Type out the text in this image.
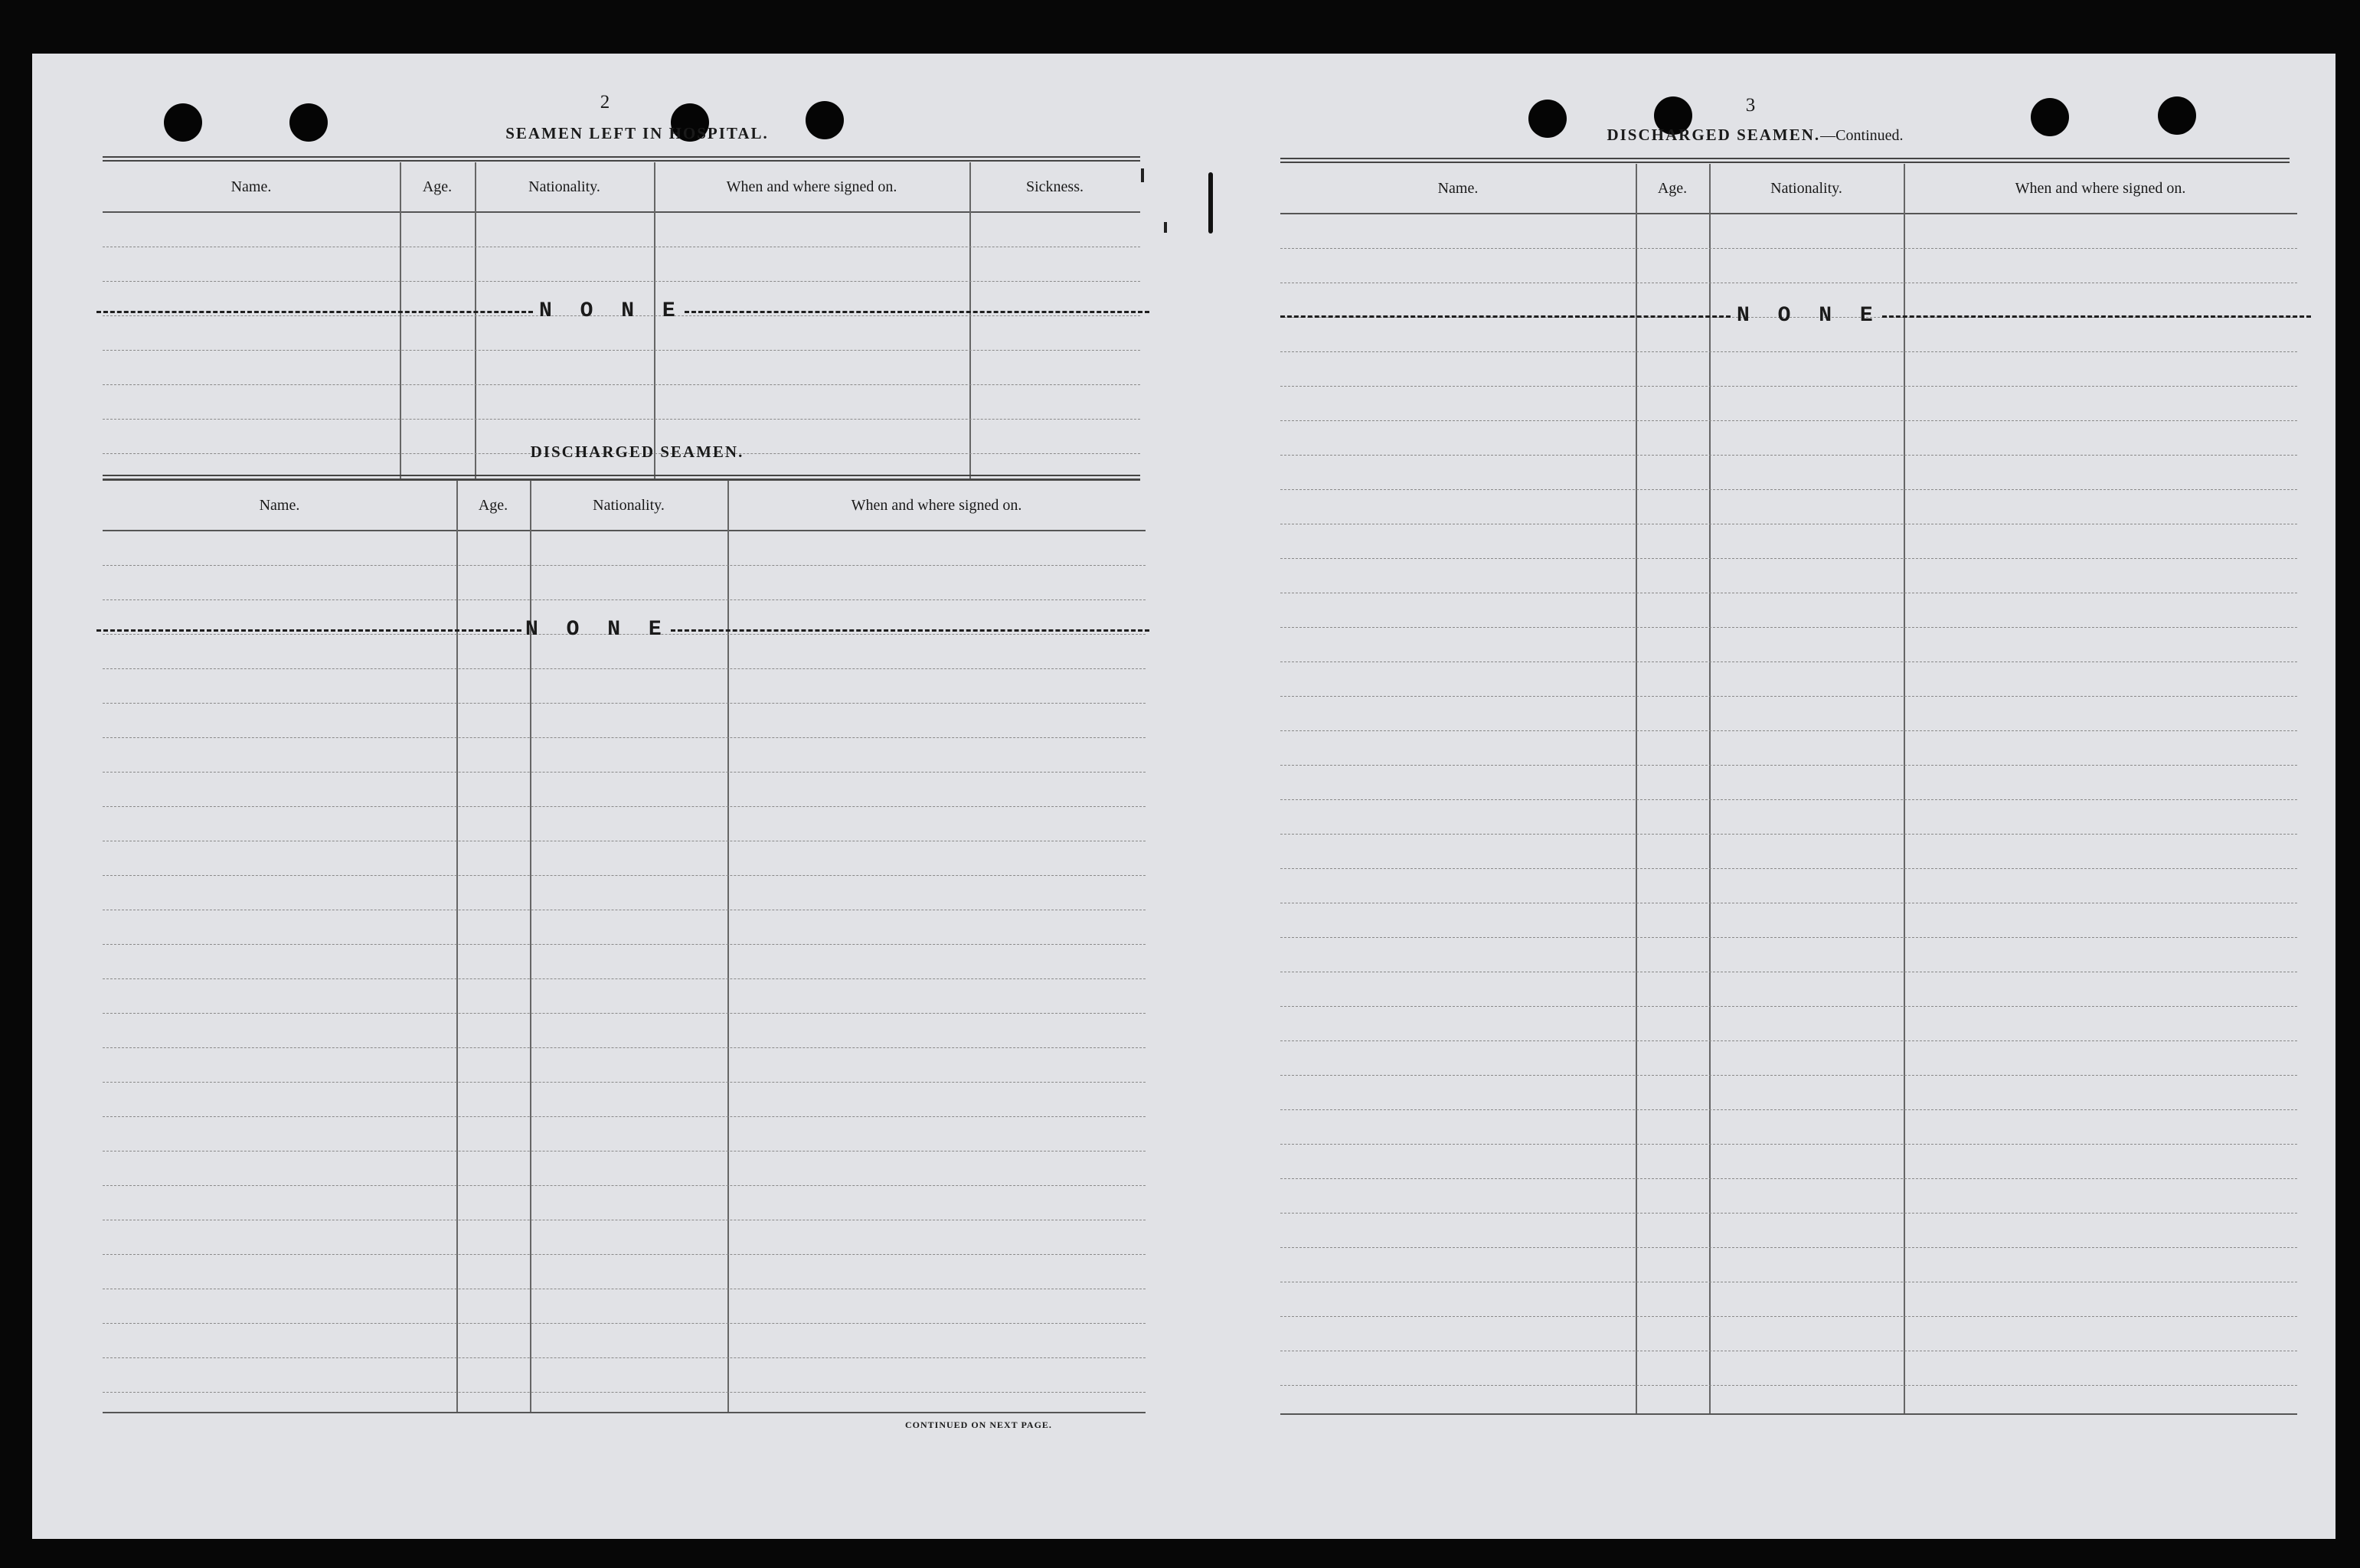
2
SEAMEN LEFT IN HOSPITAL.
Name.	Age.	Nationality.	When and where signed on.	Sickness.
N O N E
DISCHARGED SEAMEN.
Name.	Age.	Nationality.	When and where signed on.
N O N E
CONTINUED ON NEXT PAGE.
3
DISCHARGED SEAMEN.—Continued.
Name.	Age.	Nationality.	When and where signed on.
N O N E
